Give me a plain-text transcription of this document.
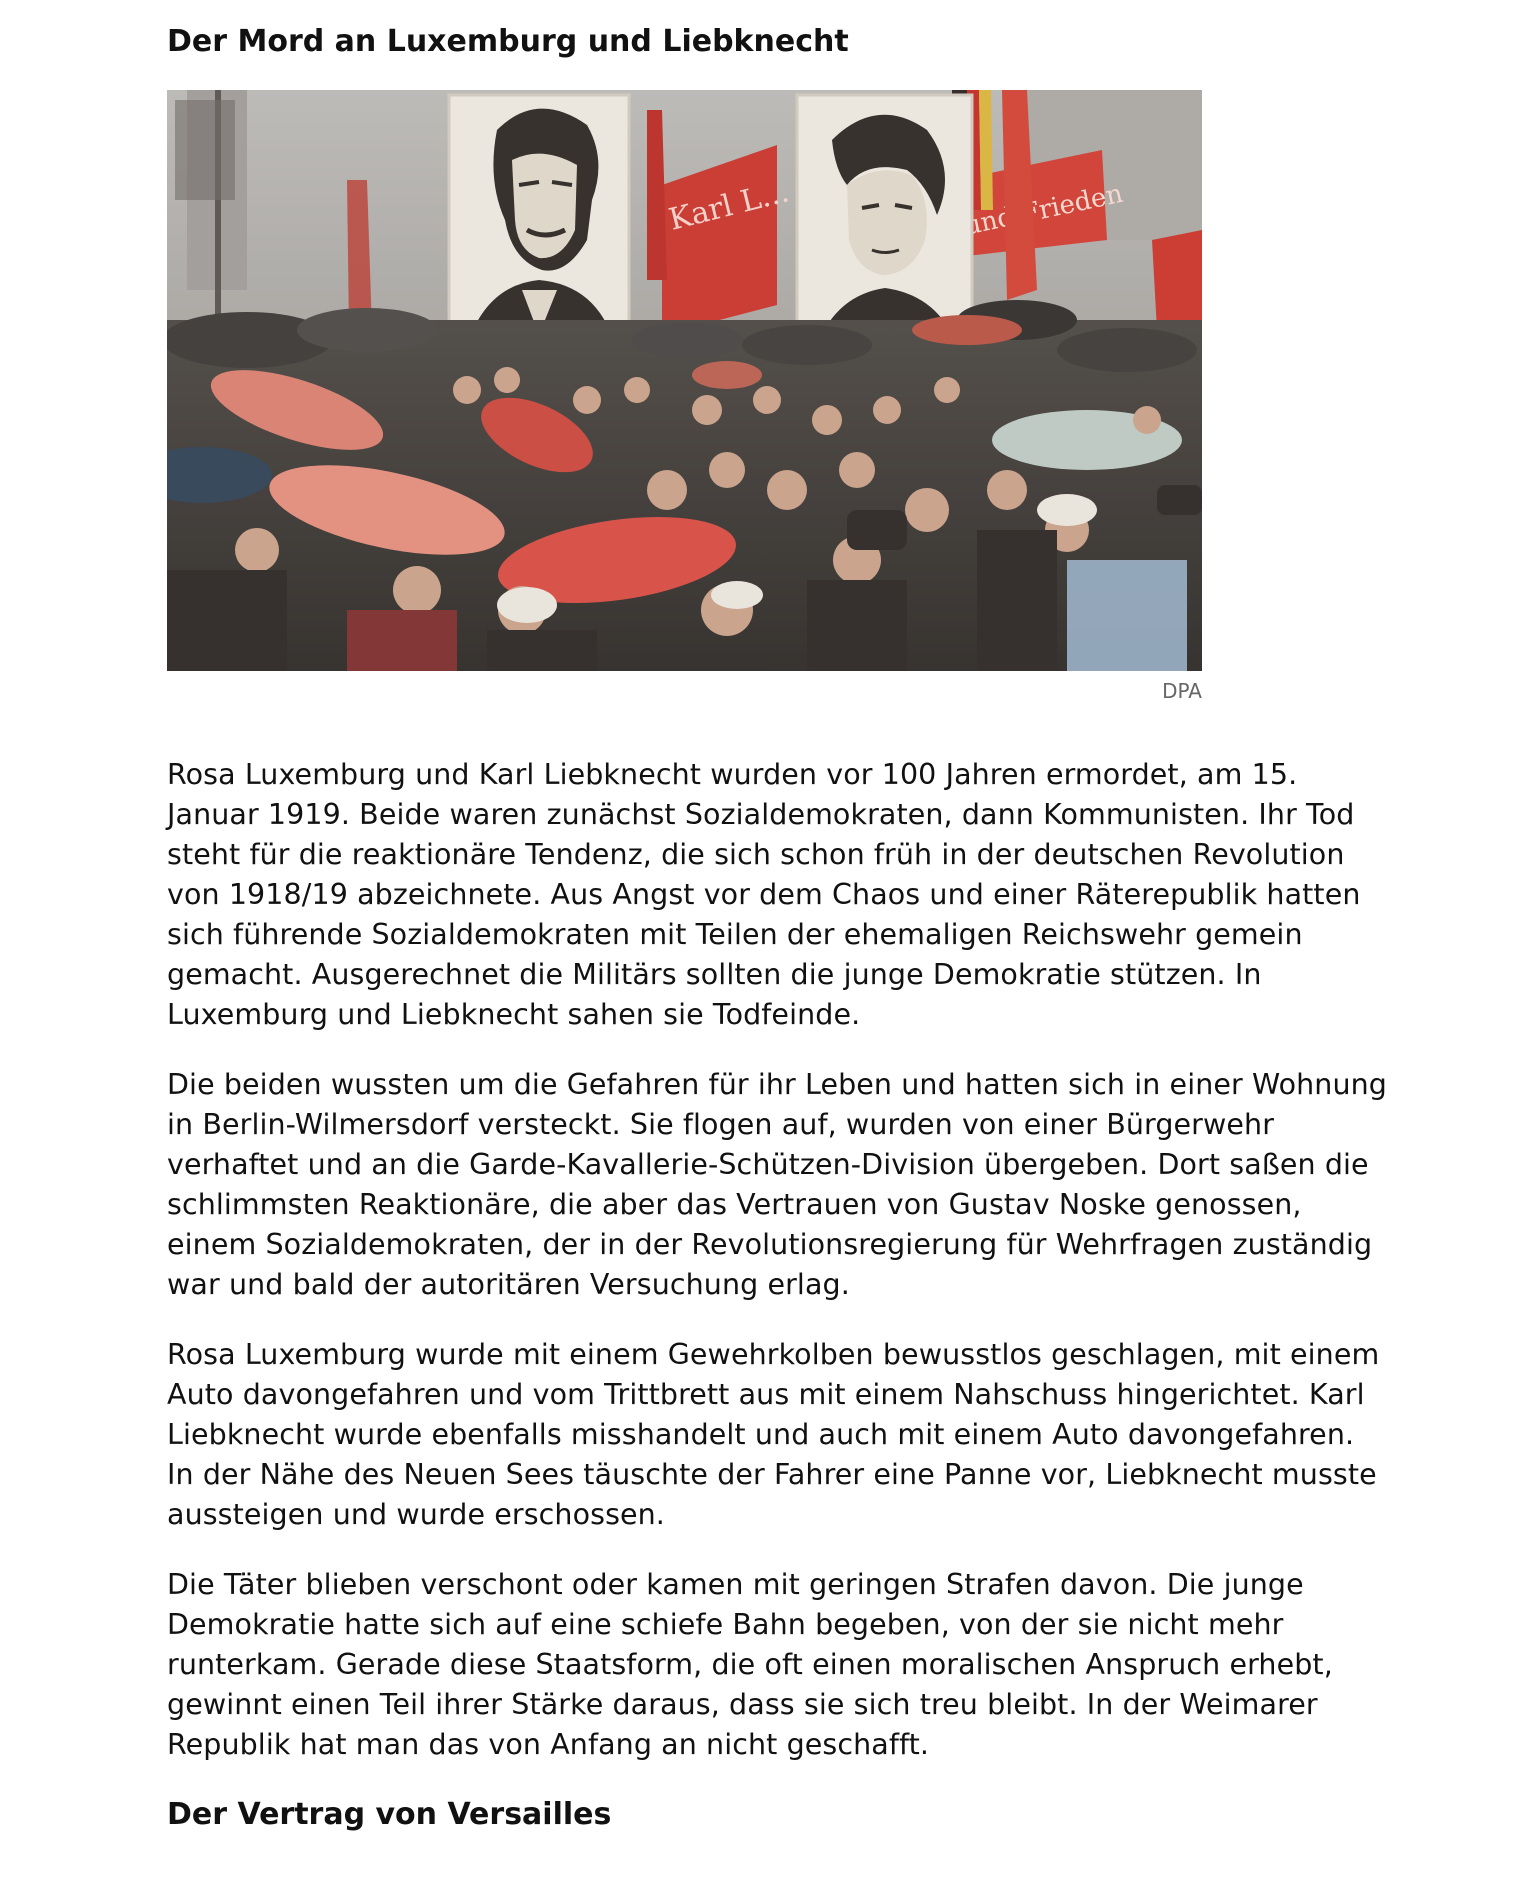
Der Mord an Luxemburg und Liebknecht
Karl L...
...und Frieden
DPA

Rosa Luxemburg und Karl Liebknecht wurden vor 100 Jahren ermordet, am 15. Januar 1919. Beide waren zunächst Sozialdemokraten, dann Kommunisten. Ihr Tod steht für die reaktionäre Tendenz, die sich schon früh in der deutschen Revolution von 1918/19 abzeichnete. Aus Angst vor dem Chaos und einer Räterepublik hatten sich führende Sozialdemokraten mit Teilen der ehemaligen Reichswehr gemein gemacht. Ausgerechnet die Militärs sollten die junge Demokratie stützen. In Luxemburg und Liebknecht sahen sie Todfeinde.

Die beiden wussten um die Gefahren für ihr Leben und hatten sich in einer Wohnung in Berlin-Wilmersdorf versteckt. Sie flogen auf, wurden von einer Bürgerwehr verhaftet und an die Garde-Kavallerie-Schützen-Division übergeben. Dort saßen die schlimmsten Reaktionäre, die aber das Vertrauen von Gustav Noske genossen, einem Sozialdemokraten, der in der Revolutionsregierung für Wehrfragen zuständig war und bald der autoritären Versuchung erlag.

Rosa Luxemburg wurde mit einem Gewehrkolben bewusstlos geschlagen, mit einem Auto davongefahren und vom Trittbrett aus mit einem Nahschuss hingerichtet. Karl Liebknecht wurde ebenfalls misshandelt und auch mit einem Auto davongefahren. In der Nähe des Neuen Sees täuschte der Fahrer eine Panne vor, Liebknecht musste aussteigen und wurde erschossen.

Die Täter blieben verschont oder kamen mit geringen Strafen davon. Die junge Demokratie hatte sich auf eine schiefe Bahn begeben, von der sie nicht mehr runterkam. Gerade diese Staatsform, die oft einen moralischen Anspruch erhebt, gewinnt einen Teil ihrer Stärke daraus, dass sie sich treu bleibt. In der Weimarer Republik hat man das von Anfang an nicht geschafft.

Der Vertrag von Versailles
